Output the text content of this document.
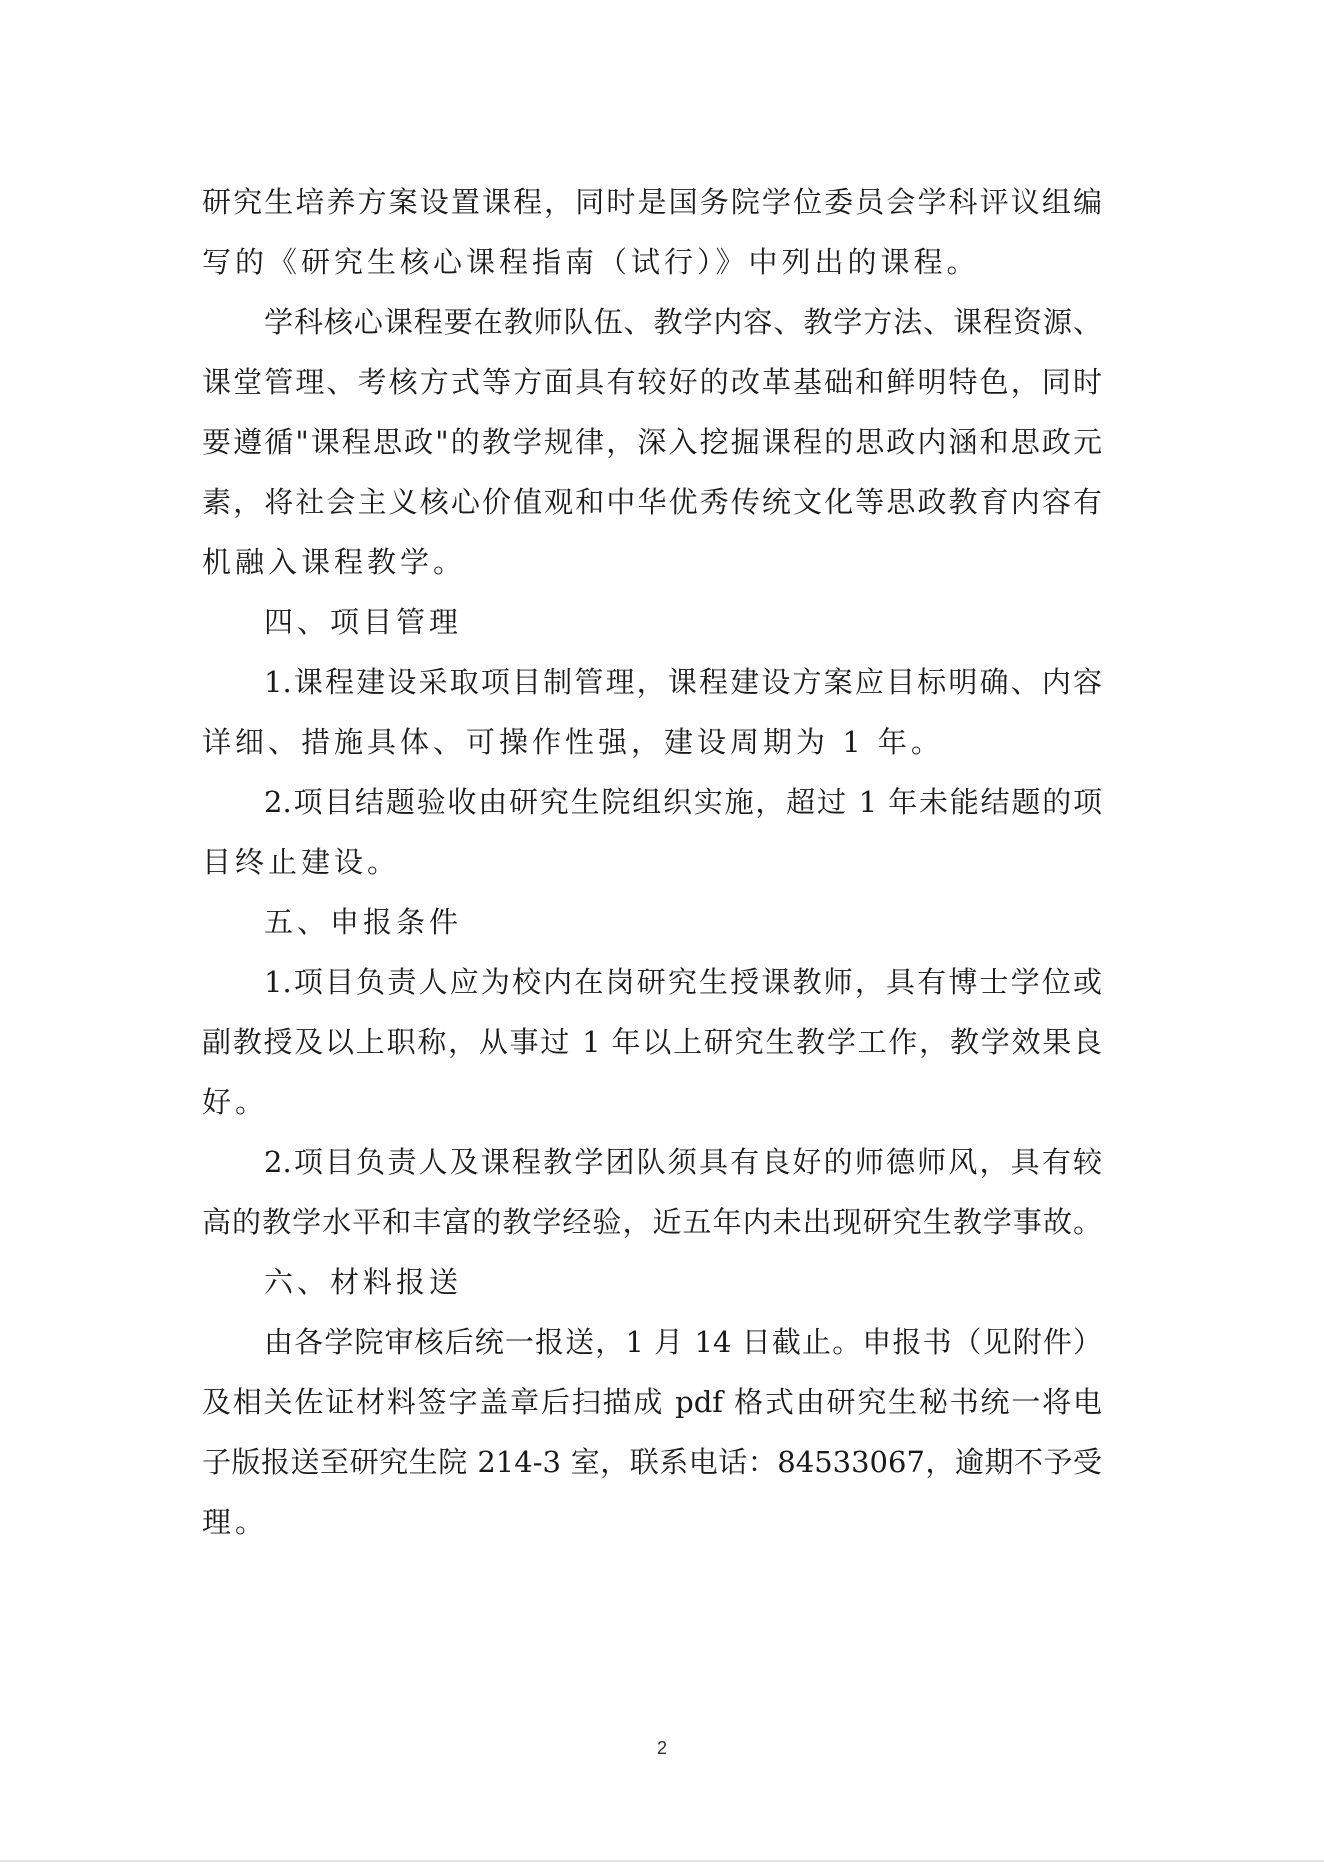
研究生培养方案设置课程，同时是国务院学位委员会学科评议组编
写的《研究生核心课程指南（试行）》中列出的课程。
学科核心课程要在教师队伍、教学内容、教学方法、课程资源、
课堂管理、考核方式等方面具有较好的改革基础和鲜明特色，同时
要遵循"课程思政"的教学规律，深入挖掘课程的思政内涵和思政元
素，将社会主义核心价值观和中华优秀传统文化等思政教育内容有
机融入课程教学。
四、项目管理
1.课程建设采取项目制管理，课程建设方案应目标明确、内容
详细、措施具体、可操作性强，建设周期为 1 年。
2.项目结题验收由研究生院组织实施，超过 1 年未能结题的项
目终止建设。
五、申报条件
1.项目负责人应为校内在岗研究生授课教师，具有博士学位或
副教授及以上职称，从事过 1 年以上研究生教学工作，教学效果良
好。
2.项目负责人及课程教学团队须具有良好的师德师风，具有较
高的教学水平和丰富的教学经验，近五年内未出现研究生教学事故。
六、材料报送
由各学院审核后统一报送，1 月 14 日截止。申报书（见附件）
及相关佐证材料签字盖章后扫描成 pdf 格式由研究生秘书统一将电
子版报送至研究生院 214-3 室，联系电话：84533067，逾期不予受
理。
2
